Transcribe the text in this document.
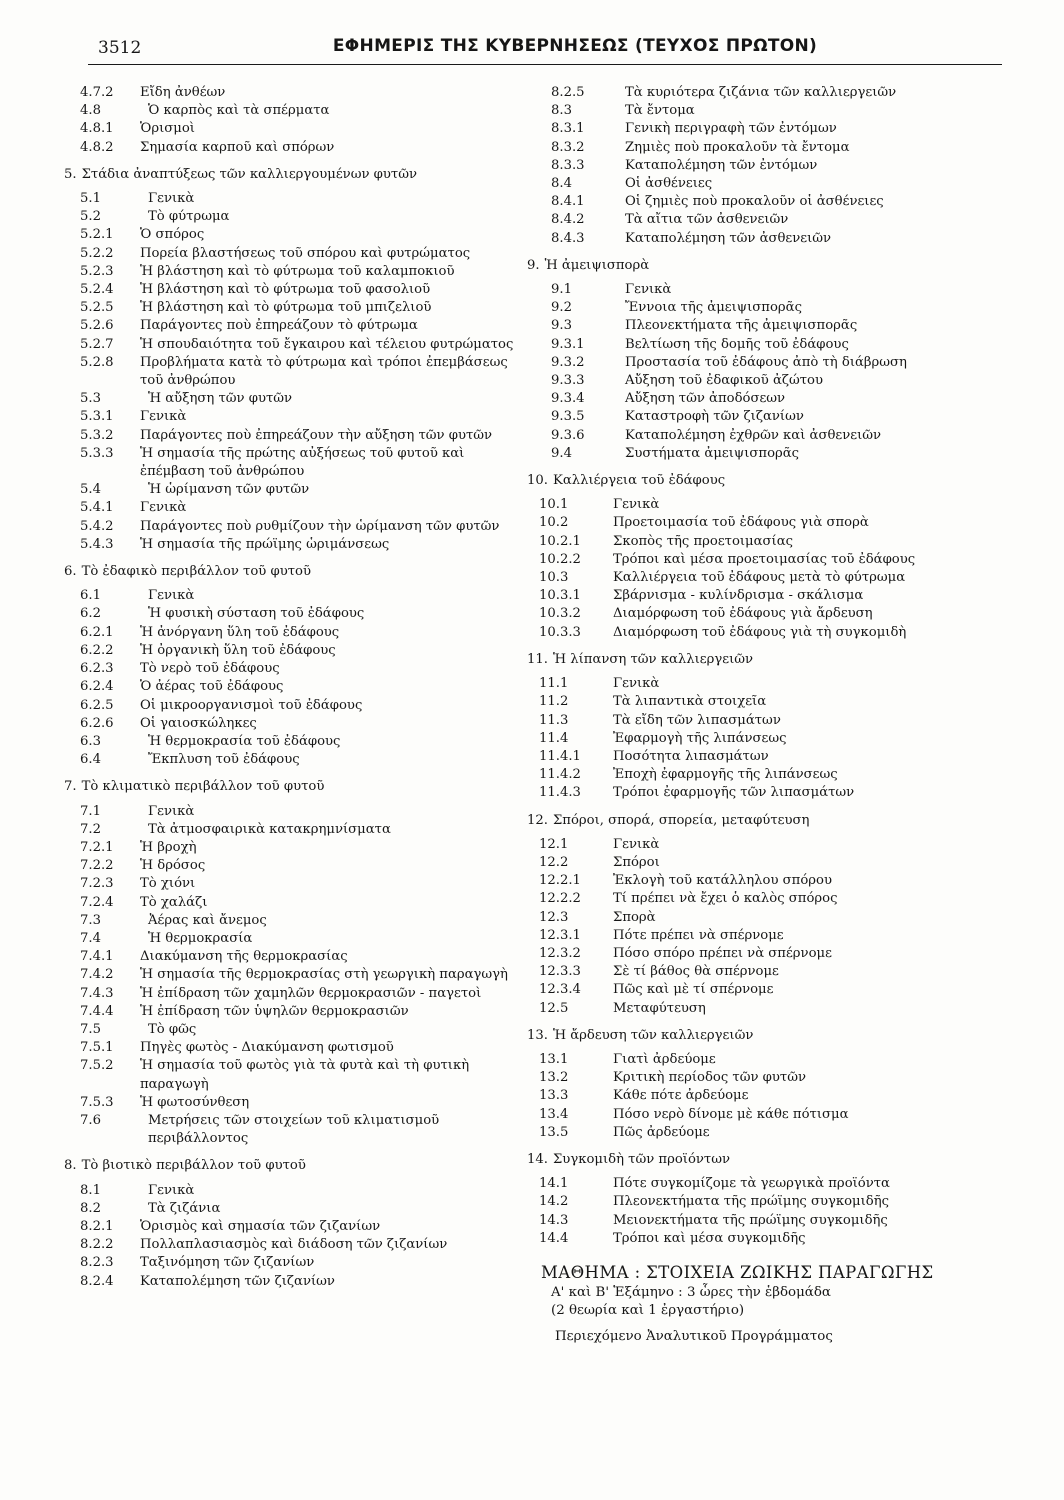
3512	ΕΦΗΜΕΡΙΣ ΤΗΣ ΚΥΒΕΡΝΗΣΕΩΣ (ΤΕΥΧΟΣ ΠΡΩΤΟΝ)
4.7.2	Εἴδη ἀνθέων
4.8	Ὁ καρπὸς καὶ τὰ σπέρματα
4.8.1	Ὁρισμοὶ
4.8.2	Σημασία καρποῦ καὶ σπόρων
5. Στάδια ἀναπτύξεως τῶν καλλιεργουμένων φυτῶν
5.1	Γενικὰ
5.2	Τὸ φύτρωμα
5.2.1	Ὁ σπόρος
5.2.2	Πορεία βλαστήσεως τοῦ σπόρου καὶ φυτρώματος
5.2.3	Ἡ βλάστηση καὶ τὸ φύτρωμα τοῦ καλαμποκιοῦ
5.2.4	Ἡ βλάστηση καὶ τὸ φύτρωμα τοῦ φασολιοῦ
5.2.5	Ἡ βλάστηση καὶ τὸ φύτρωμα τοῦ μπιζελιοῦ
5.2.6	Παράγοντες ποὺ ἐπηρεάζουν τὸ φύτρωμα
5.2.7	Ἡ σπουδαιότητα τοῦ ἔγκαιρου καὶ τέλειου φυτρώματος
5.2.8	Προβλήματα κατὰ τὸ φύτρωμα καὶ τρόποι ἐπεμβάσεως τοῦ ἀνθρώπου
5.3	Ἡ αὔξηση τῶν φυτῶν
5.3.1	Γενικὰ
5.3.2	Παράγοντες ποὺ ἐπηρεάζουν τὴν αὔξηση τῶν φυτῶν
5.3.3	Ἡ σημασία τῆς πρώτης αὐξήσεως τοῦ φυτοῦ καὶ ἐπέμβαση τοῦ ἀνθρώπου
5.4	Ἡ ὡρίμανση τῶν φυτῶν
5.4.1	Γενικὰ
5.4.2	Παράγοντες ποὺ ρυθμίζουν τὴν ὡρίμανση τῶν φυτῶν
5.4.3	Ἡ σημασία τῆς πρώϊμης ὡριμάνσεως
6. Τὸ ἐδαφικὸ περιβάλλον τοῦ φυτοῦ
6.1	Γενικὰ
6.2	Ἡ φυσικὴ σύσταση τοῦ ἐδάφους
6.2.1	Ἡ ἀνόργανη ὕλη τοῦ ἐδάφους
6.2.2	Ἡ ὀργανικὴ ὕλη τοῦ ἐδάφους
6.2.3	Τὸ νερὸ τοῦ ἐδάφους
6.2.4	Ὁ ἀέρας τοῦ ἐδάφους
6.2.5	Οἱ μικροοργανισμοὶ τοῦ ἐδάφους
6.2.6	Οἱ γαιοσκώληκες
6.3	Ἡ θερμοκρασία τοῦ ἐδάφους
6.4	Ἔκπλυση τοῦ ἐδάφους
7. Τὸ κλιματικὸ περιβάλλον τοῦ φυτοῦ
7.1	Γενικὰ
7.2	Τὰ ἀτμοσφαιρικὰ κατακρημνίσματα
7.2.1	Ἡ βροχὴ
7.2.2	Ἡ δρόσος
7.2.3	Τὸ χιόνι
7.2.4	Τὸ χαλάζι
7.3	Ἀέρας καὶ ἄνεμος
7.4	Ἡ θερμοκρασία
7.4.1	Διακύμανση τῆς θερμοκρασίας
7.4.2	Ἡ σημασία τῆς θερμοκρασίας στὴ γεωργικὴ παραγωγὴ
7.4.3	Ἡ ἐπίδραση τῶν χαμηλῶν θερμοκρασιῶν - παγετοὶ
7.4.4	Ἡ ἐπίδραση τῶν ὑψηλῶν θερμοκρασιῶν
7.5	Τὸ φῶς
7.5.1	Πηγὲς φωτὸς - Διακύμανση φωτισμοῦ
7.5.2	Ἡ σημασία τοῦ φωτὸς γιὰ τὰ φυτὰ καὶ τὴ φυτικὴ παραγωγὴ
7.5.3	Ἡ φωτοσύνθεση
7.6	Μετρήσεις τῶν στοιχείων τοῦ κλιματισμοῦ περιβάλλοντος
8. Τὸ βιοτικὸ περιβάλλον τοῦ φυτοῦ
8.1	Γενικὰ
8.2	Τὰ ζιζάνια
8.2.1	Ὁρισμὸς καὶ σημασία τῶν ζιζανίων
8.2.2	Πολλαπλασιασμὸς καὶ διάδοση τῶν ζιζανίων
8.2.3	Ταξινόμηση τῶν ζιζανίων
8.2.4	Καταπολέμηση τῶν ζιζανίων
8.2.5	Τὰ κυριότερα ζιζάνια τῶν καλλιεργειῶν
8.3	Τὰ ἔντομα
8.3.1	Γενικὴ περιγραφὴ τῶν ἐντόμων
8.3.2	Ζημιὲς ποὺ προκαλοῦν τὰ ἔντομα
8.3.3	Καταπολέμηση τῶν ἐντόμων
8.4	Οἱ ἀσθένειες
8.4.1	Οἱ ζημιὲς ποὺ προκαλοῦν οἱ ἀσθένειες
8.4.2	Τὰ αἴτια τῶν ἀσθενειῶν
8.4.3	Καταπολέμηση τῶν ἀσθενειῶν
9. Ἡ ἀμειψισπορὰ
9.1	Γενικὰ
9.2	Ἔννοια τῆς ἀμειψισπορᾶς
9.3	Πλεονεκτήματα τῆς ἀμειψισπορᾶς
9.3.1	Βελτίωση τῆς δομῆς τοῦ ἐδάφους
9.3.2	Προστασία τοῦ ἐδάφους ἀπὸ τὴ διάβρωση
9.3.3	Αὔξηση τοῦ ἐδαφικοῦ ἀζώτου
9.3.4	Αὔξηση τῶν ἀποδόσεων
9.3.5	Καταστροφὴ τῶν ζιζανίων
9.3.6	Καταπολέμηση ἐχθρῶν καὶ ἀσθενειῶν
9.4	Συστήματα ἀμειψισπορᾶς
10. Καλλιέργεια τοῦ ἐδάφους
10.1	Γενικὰ
10.2	Προετοιμασία τοῦ ἐδάφους γιὰ σπορὰ
10.2.1	Σκοπὸς τῆς προετοιμασίας
10.2.2	Τρόποι καὶ μέσα προετοιμασίας τοῦ ἐδάφους
10.3	Καλλιέργεια τοῦ ἐδάφους μετὰ τὸ φύτρωμα
10.3.1	Σβάρνισμα - κυλίνδρισμα - σκάλισμα
10.3.2	Διαμόρφωση τοῦ ἐδάφους γιὰ ἄρδευση
10.3.3	Διαμόρφωση τοῦ ἐδάφους γιὰ τὴ συγκομιδὴ
11. Ἡ λίπανση τῶν καλλιεργειῶν
11.1	Γενικὰ
11.2	Τὰ λιπαντικὰ στοιχεῖα
11.3	Τὰ εἴδη τῶν λιπασμάτων
11.4	Ἐφαρμογὴ τῆς λιπάνσεως
11.4.1	Ποσότητα λιπασμάτων
11.4.2	Ἐποχὴ ἐφαρμογῆς τῆς λιπάνσεως
11.4.3	Τρόποι ἐφαρμογῆς τῶν λιπασμάτων
12. Σπόροι, σπορά, σπορεία, μεταφύτευση
12.1	Γενικὰ
12.2	Σπόροι
12.2.1	Ἐκλογὴ τοῦ κατάλληλου σπόρου
12.2.2	Τί πρέπει νὰ ἔχει ὁ καλὸς σπόρος
12.3	Σπορὰ
12.3.1	Πότε πρέπει νὰ σπέρνομε
12.3.2	Πόσο σπόρο πρέπει νὰ σπέρνομε
12.3.3	Σὲ τί βάθος θὰ σπέρνομε
12.3.4	Πῶς καὶ μὲ τί σπέρνομε
12.5	Μεταφύτευση
13. Ἡ ἄρδευση τῶν καλλιεργειῶν
13.1	Γιατὶ ἀρδεύομε
13.2	Κριτικὴ περίοδος τῶν φυτῶν
13.3	Κάθε πότε ἀρδεύομε
13.4	Πόσο νερὸ δίνομε μὲ κάθε πότισμα
13.5	Πῶς ἀρδεύομε
14. Συγκομιδὴ τῶν προϊόντων
14.1	Πότε συγκομίζομε τὰ γεωργικὰ προϊόντα
14.2	Πλεονεκτήματα τῆς πρώϊμης συγκομιδῆς
14.3	Μειονεκτήματα τῆς πρώϊμης συγκομιδῆς
14.4	Τρόποι καὶ μέσα συγκομιδῆς
ΜΑΘΗΜΑ : ΣΤΟΙΧΕΙΑ ΖΩΙΚΗΣ ΠΑΡΑΓΩΓΗΣ
Α' καὶ Β' Ἑξάμηνο : 3 ὧρες τὴν ἑβδομάδα
(2 θεωρία καὶ 1 ἐργαστήριο)
Περιεχόμενο Ἀναλυτικοῦ Προγράμματος
